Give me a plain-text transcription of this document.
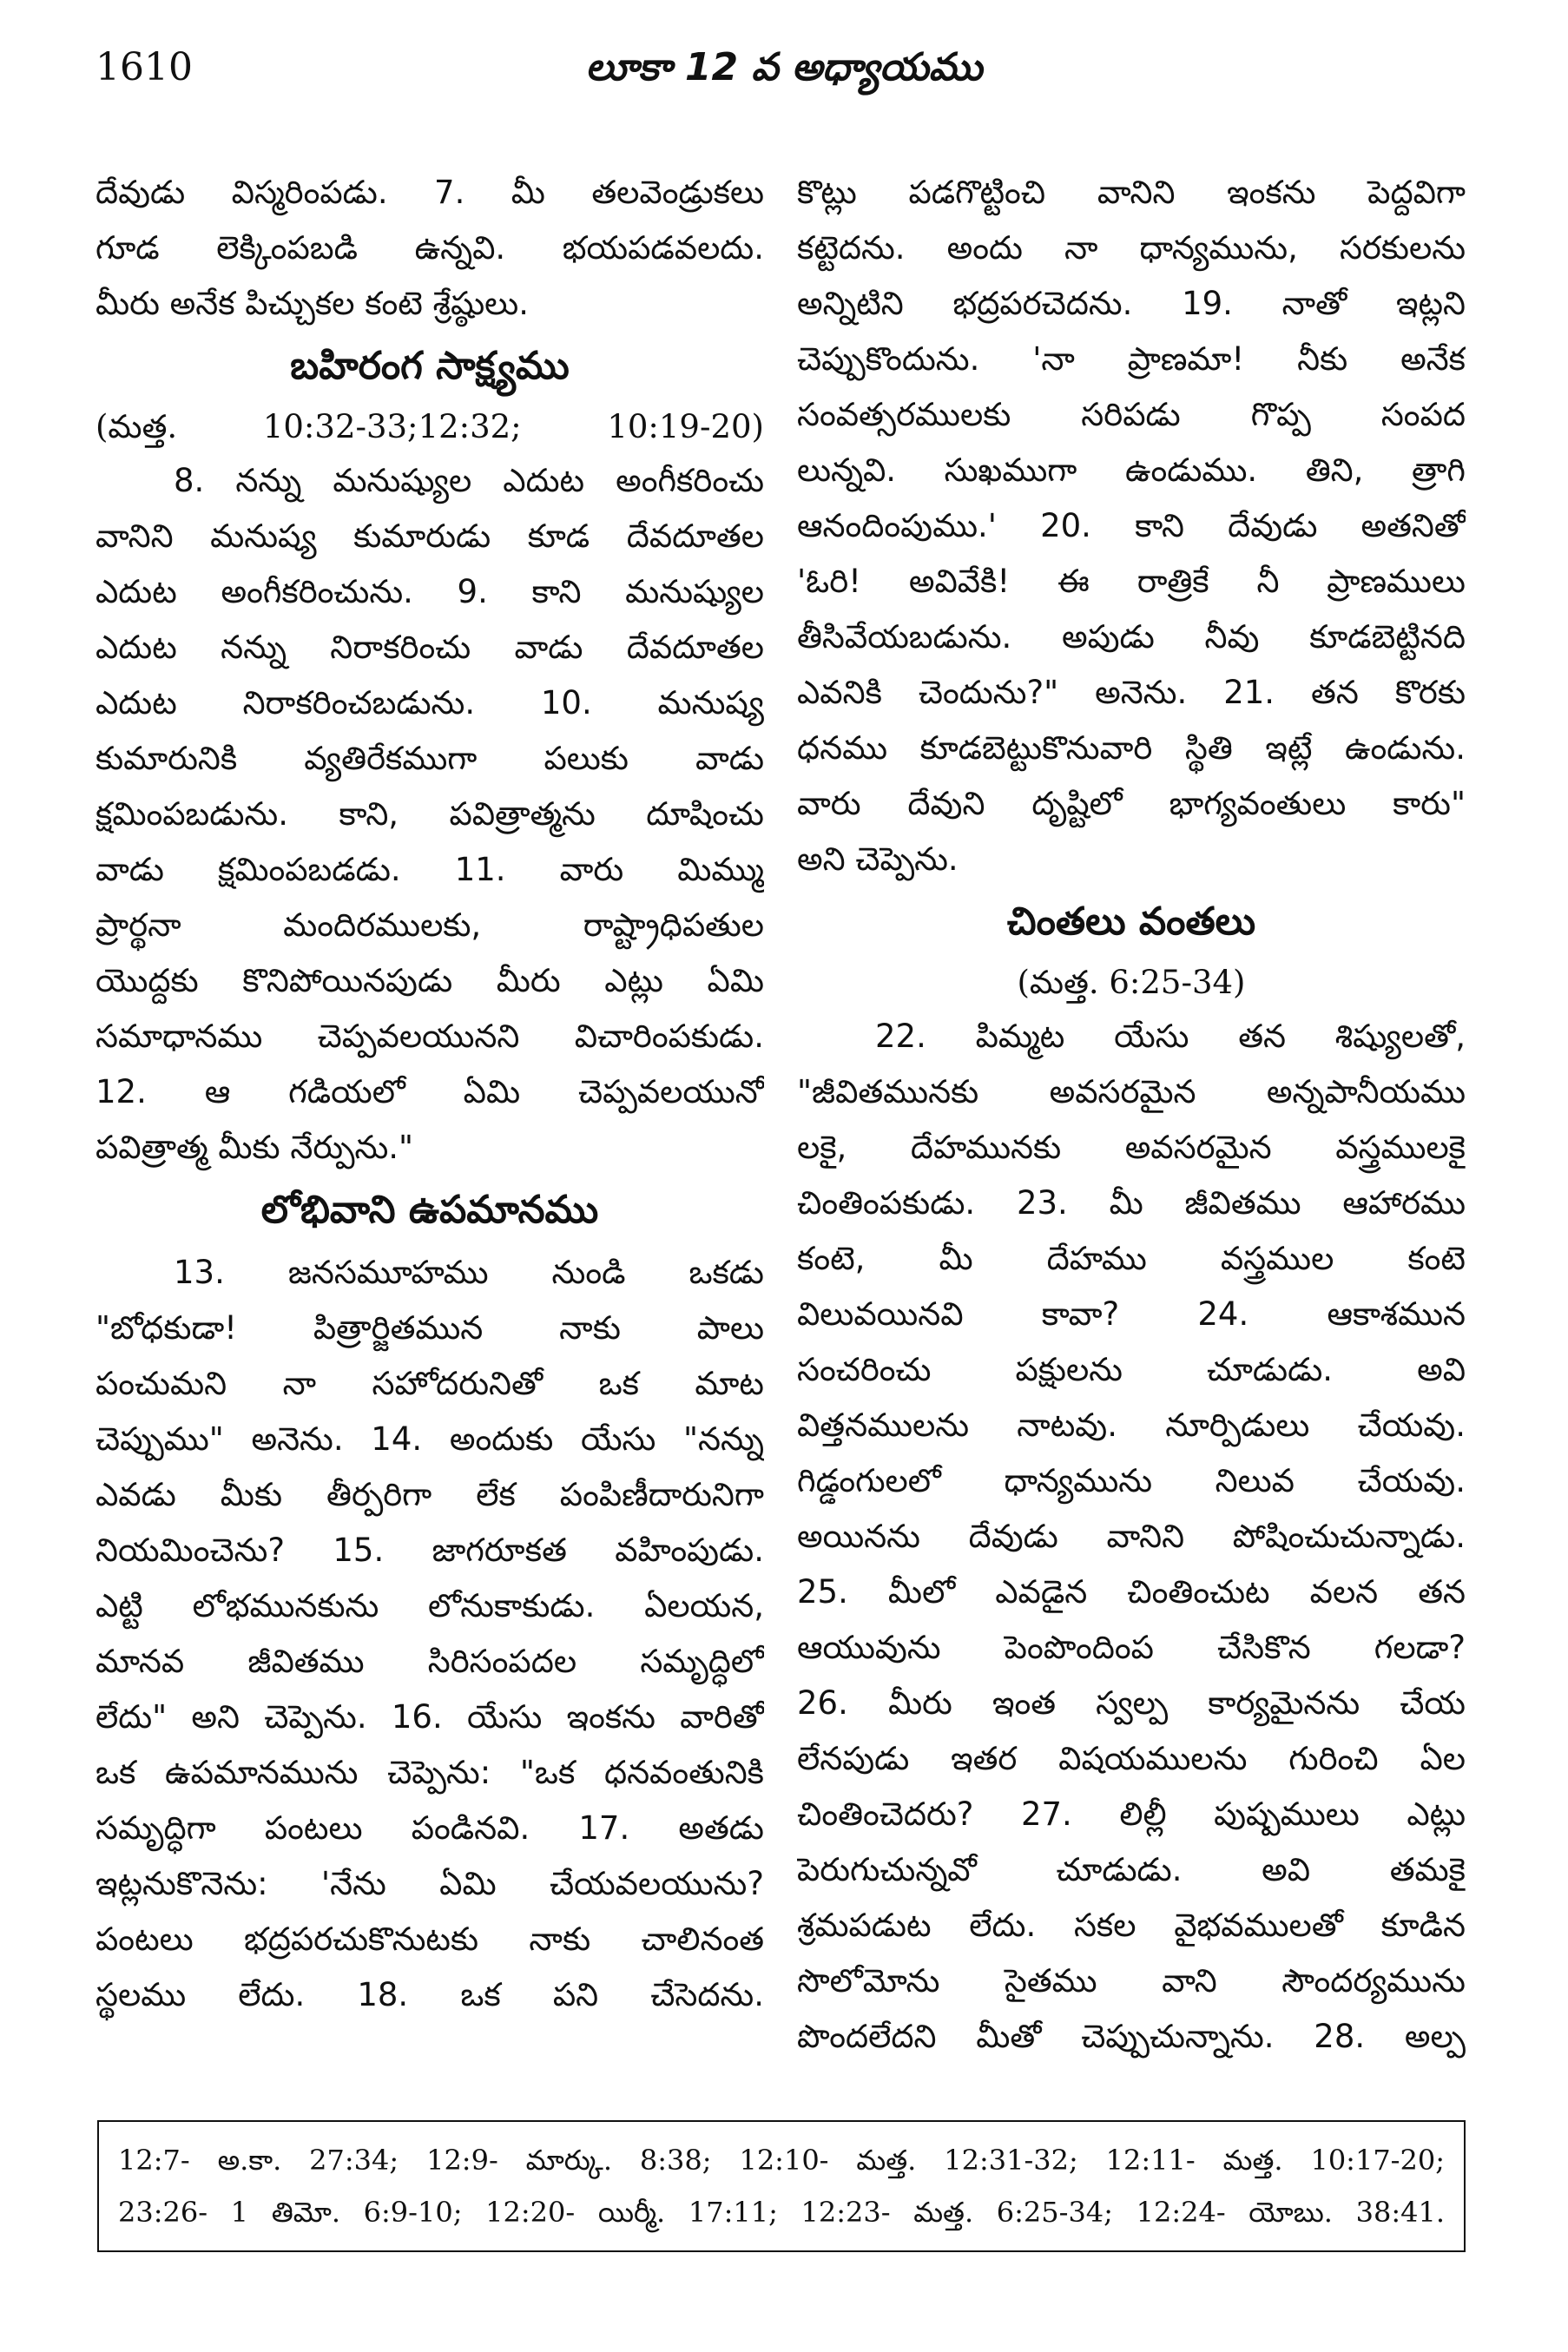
1610	లూకా 12 వ అధ్యాయము
దేవుడు విస్మరింపడు. 7. మీ తలవెండ్రుకలు
గూడ లెక్కింపబడి ఉన్నవి. భయపడవలదు.
మీరు అనేక పిచ్చుకల కంటె శ్రేష్ఠులు.
బహిరంగ సాక్ష్యము
(మత్త. 10:32-33;12:32; 10:19-20)
8. నన్ను మనుష్యుల ఎదుట అంగీకరించు
వానిని మనుష్య కుమారుడు కూడ దేవదూతల
ఎదుట అంగీకరించును. 9. కాని మనుష్యుల
ఎదుట నన్ను నిరాకరించు వాడు దేవదూతల
ఎదుట నిరాకరించబడును. 10. మనుష్య
కుమారునికి వ్యతిరేకముగా పలుకు వాడు
క్షమింపబడును. కాని, పవిత్రాత్మను దూషించు
వాడు క్షమింపబడడు. 11. వారు మిమ్ము
ప్రార్థనా మందిరములకు, రాష్ట్రాధిపతుల
యొద్దకు కొనిపోయినపుడు మీరు ఎట్లు ఏమి
సమాధానము చెప్పవలయునని విచారింపకుడు.
12. ఆ గడియలో ఏమి చెప్పవలయునో
పవిత్రాత్మ మీకు నేర్పును."
లోభివాని ఉపమానము
13. జనసమూహము నుండి ఒకడు
"బోధకుడా! పిత్రార్జితమున నాకు పాలు
పంచుమని నా సహోదరునితో ఒక మాట
చెప్పుము" అనెను. 14. అందుకు యేసు "నన్ను
ఎవడు మీకు తీర్పరిగా లేక పంపిణీదారునిగా
నియమించెను? 15. జాగరూకత వహింపుడు.
ఎట్టి లోభమునకును లోనుకాకుడు. ఏలయన,
మానవ జీవితము సిరిసంపదల సమృద్ధిలో
లేదు" అని చెప్పెను. 16. యేసు ఇంకను వారితో
ఒక ఉపమానమును చెప్పెను: "ఒక ధనవంతునికి
సమృద్ధిగా పంటలు పండినవి. 17. అతడు
ఇట్లనుకొనెను: 'నేను ఏమి చేయవలయును?
పంటలు భద్రపరచుకొనుటకు నాకు చాలినంత
స్థలము లేదు. 18. ఒక పని చేసెదను.
కొట్లు పడగొట్టించి వానిని ఇంకను పెద్దవిగా
కట్టెదను. అందు నా ధాన్యమును, సరకులను
అన్నిటిని భద్రపరచెదను. 19. నాతో ఇట్లని
చెప్పుకొందును. 'నా ప్రాణమా! నీకు అనేక
సంవత్సరములకు సరిపడు గొప్ప సంపద
లున్నవి. సుఖముగా ఉండుము. తిని, త్రాగి
ఆనందింపుము.' 20. కాని దేవుడు అతనితో
'ఓరి! అవివేకి! ఈ రాత్రికే నీ ప్రాణములు
తీసివేయబడును. అపుడు నీవు కూడబెట్టినది
ఎవనికి చెందును?" అనెను. 21. తన కొరకు
ధనము కూడబెట్టుకొనువారి స్థితి ఇట్లే ఉండును.
వారు దేవుని దృష్టిలో భాగ్యవంతులు కారు"
అని చెప్పెను.
చింతలు వంతలు
(మత్త. 6:25-34)
22. పిమ్మట యేసు తన శిష్యులతో,
"జీవితమునకు అవసరమైన అన్నపానీయము
లకై, దేహమునకు అవసరమైన వస్త్రములకై
చింతింపకుడు. 23. మీ జీవితము ఆహారము
కంటె, మీ దేహము వస్త్రముల కంటె
విలువయినవి కావా? 24. ఆకాశమున
సంచరించు పక్షులను చూడుడు. అవి
విత్తనములను నాటవు. నూర్పిడులు చేయవు.
గిడ్డంగులలో ధాన్యమును నిలువ చేయవు.
అయినను దేవుడు వానిని పోషించుచున్నాడు.
25. మీలో ఎవడైన చింతించుట వలన తన
ఆయువును పెంపొందింప చేసికొన గలడా?
26. మీరు ఇంత స్వల్ప కార్యమైనను చేయ
లేనపుడు ఇతర విషయములను గురించి ఏల
చింతించెదరు? 27. లిల్లీ పుష్పములు ఎట్లు
పెరుగుచున్నవో చూడుడు. అవి తమకై
శ్రమపడుట లేదు. సకల వైభవములతో కూడిన
సొలోమోను సైతము వాని సౌందర్యమును
పొందలేదని మీతో చెప్పుచున్నాను. 28. అల్ప
12:7- అ.కా. 27:34; 12:9- మార్కు. 8:38; 12:10- మత్త. 12:31-32; 12:11- మత్త. 10:17-20;
23:26- 1 తిమో. 6:9-10; 12:20- యిర్మీ. 17:11; 12:23- మత్త. 6:25-34; 12:24- యోబు. 38:41.
